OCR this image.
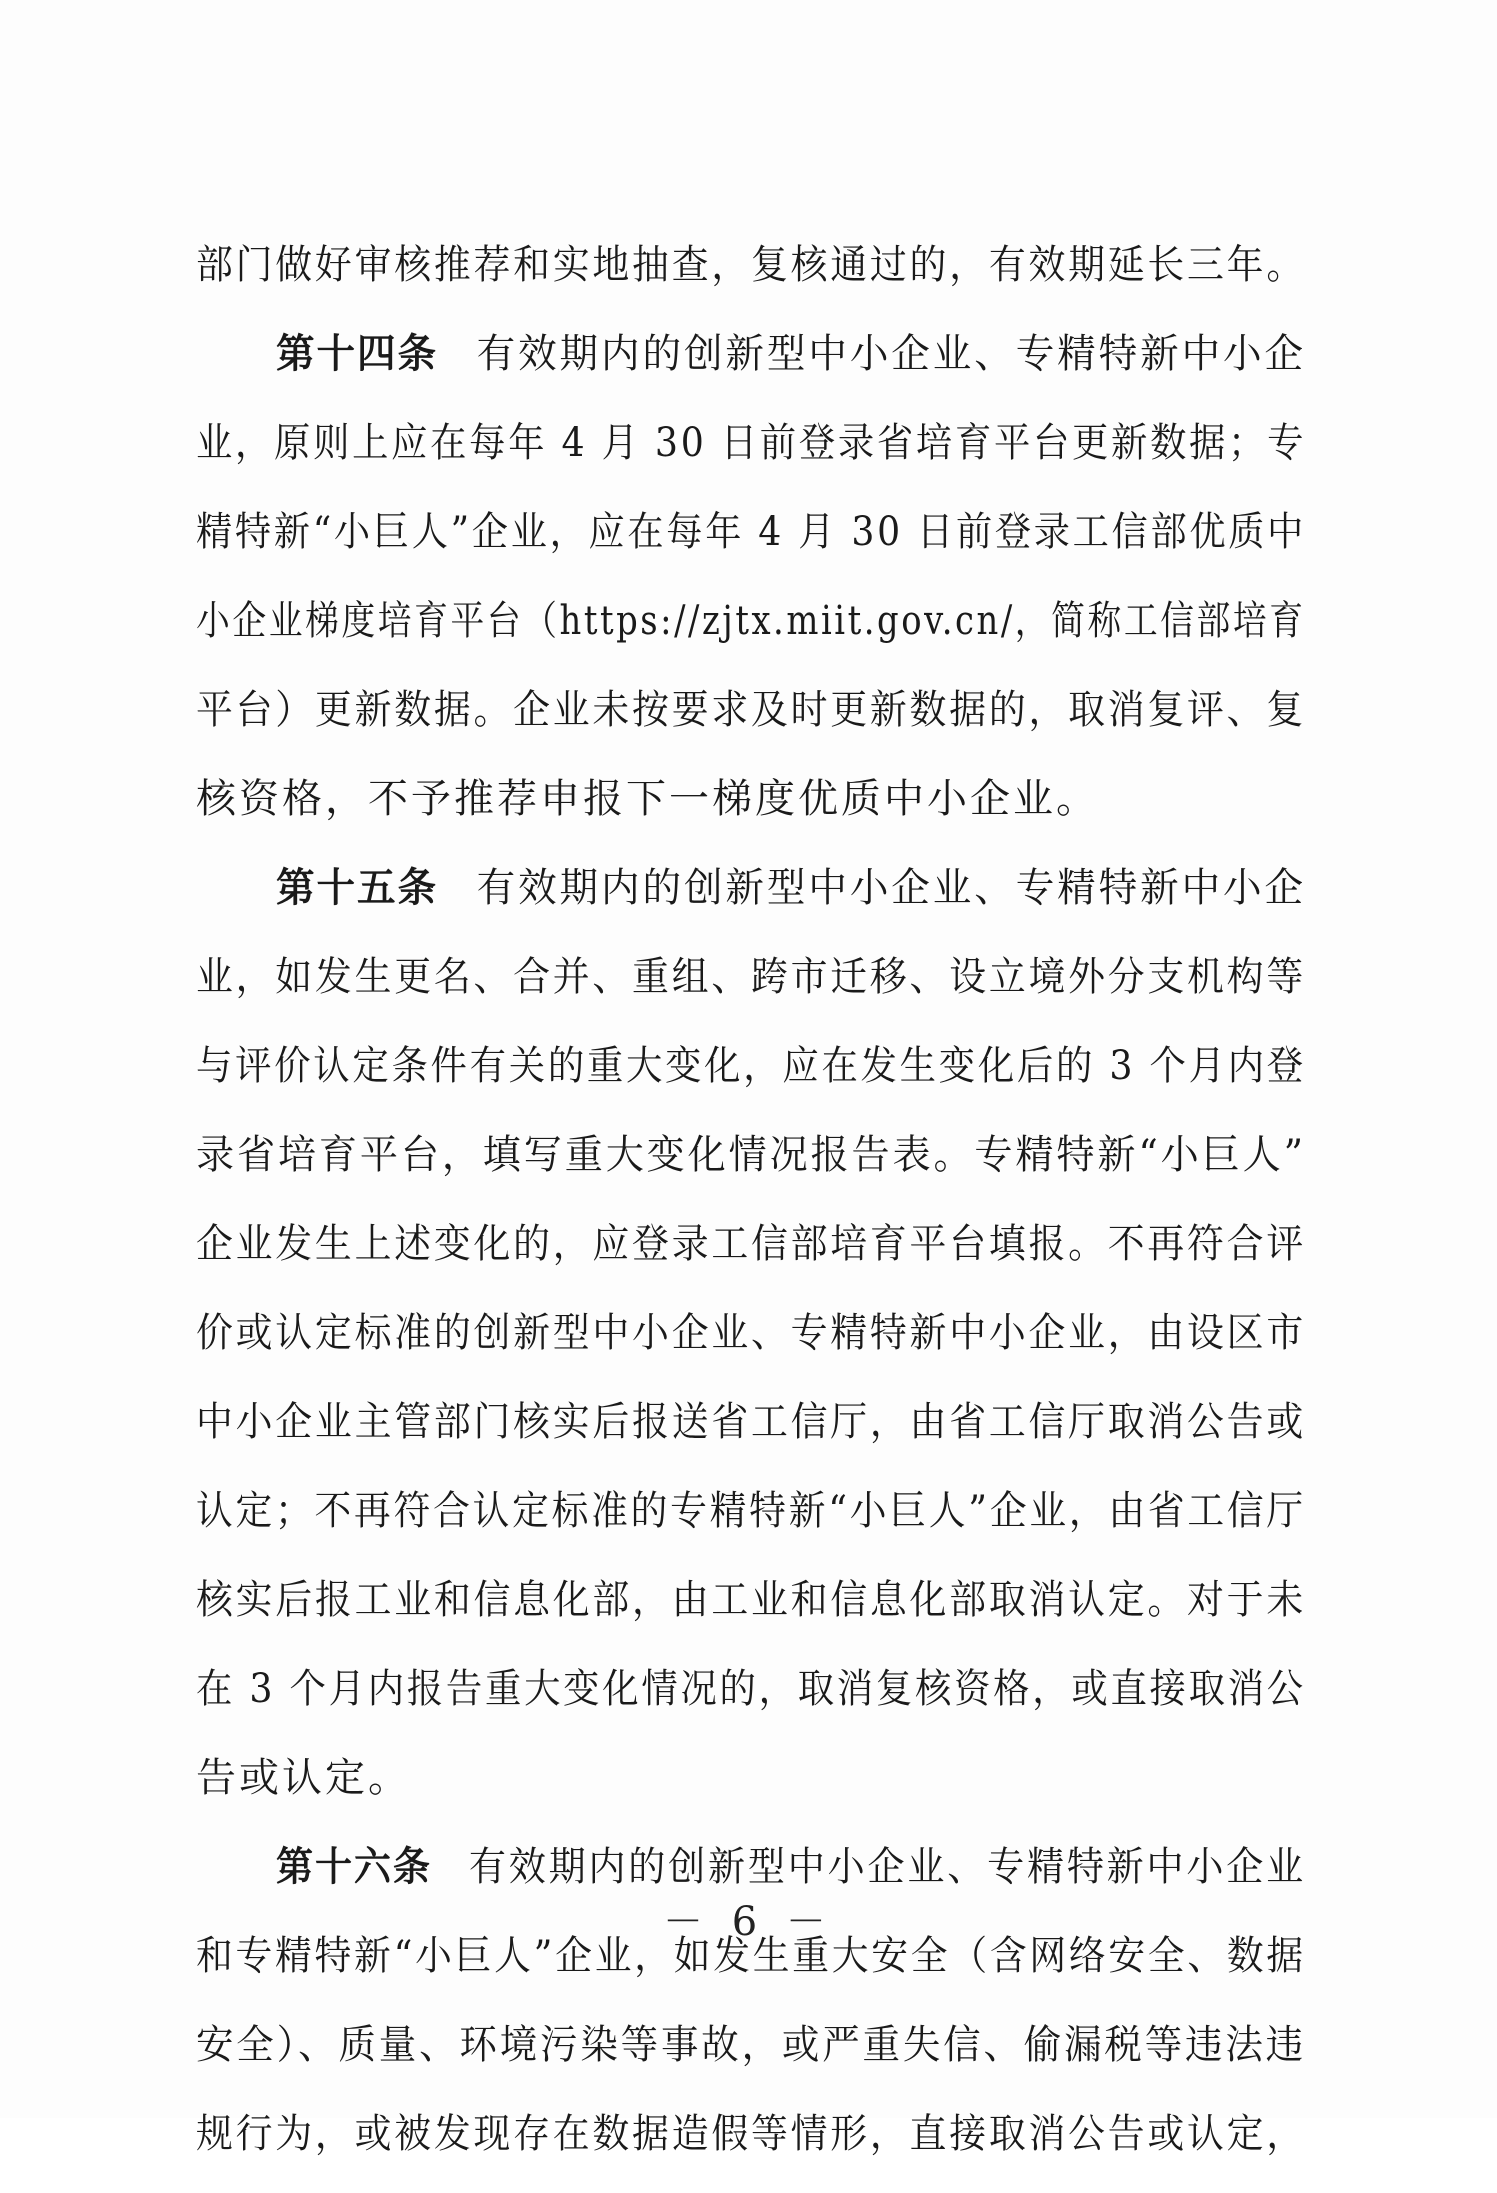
部门做好审核推荐和实地抽查，复核通过的，有效期延长三年。
第十四条 有效期内的创新型中小企业、专精特新中小企
业，原则上应在每年 4 月 30 日前登录省培育平台更新数据；专
精特新“小巨人”企业，应在每年 4 月 30 日前登录工信部优质中
小企业梯度培育平台（https://zjtx.miit.gov.cn/，简称工信部培育
平台）更新数据。企业未按要求及时更新数据的，取消复评、复
核资格，不予推荐申报下一梯度优质中小企业。
第十五条 有效期内的创新型中小企业、专精特新中小企
业，如发生更名、合并、重组、跨市迁移、设立境外分支机构等
与评价认定条件有关的重大变化，应在发生变化后的 3 个月内登
录省培育平台，填写重大变化情况报告表。专精特新“小巨人”
企业发生上述变化的，应登录工信部培育平台填报。不再符合评
价或认定标准的创新型中小企业、专精特新中小企业，由设区市
中小企业主管部门核实后报送省工信厅，由省工信厅取消公告或
认定；不再符合认定标准的专精特新“小巨人”企业，由省工信厅
核实后报工业和信息化部，由工业和信息化部取消认定。对于未
在 3 个月内报告重大变化情况的，取消复核资格，或直接取消公
告或认定。
第十六条 有效期内的创新型中小企业、专精特新中小企业
和专精特新“小巨人”企业，如发生重大安全（含网络安全、数据
安全）、质量、环境污染等事故，或严重失信、偷漏税等违法违
规行为，或被发现存在数据造假等情形，直接取消公告或认定，
－ 6 －
